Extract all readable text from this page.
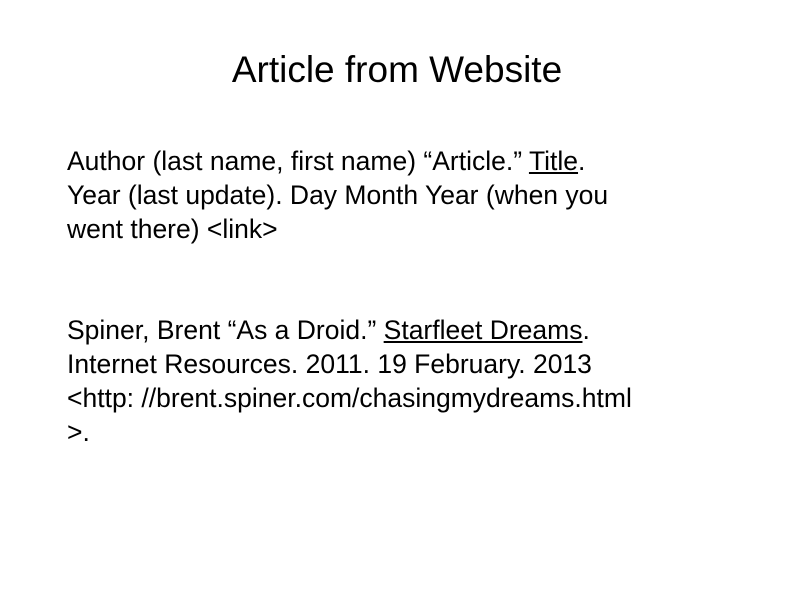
Article from Website
Author (last name, first name) “Article.” Title.
Year (last update). Day Month Year (when you
went there) <link>
Spiner, Brent “As a Droid.” Starfleet Dreams.
Internet Resources. 2011. 19 February. 2013
<http: //brent.spiner.com/chasingmydreams.html
>.
